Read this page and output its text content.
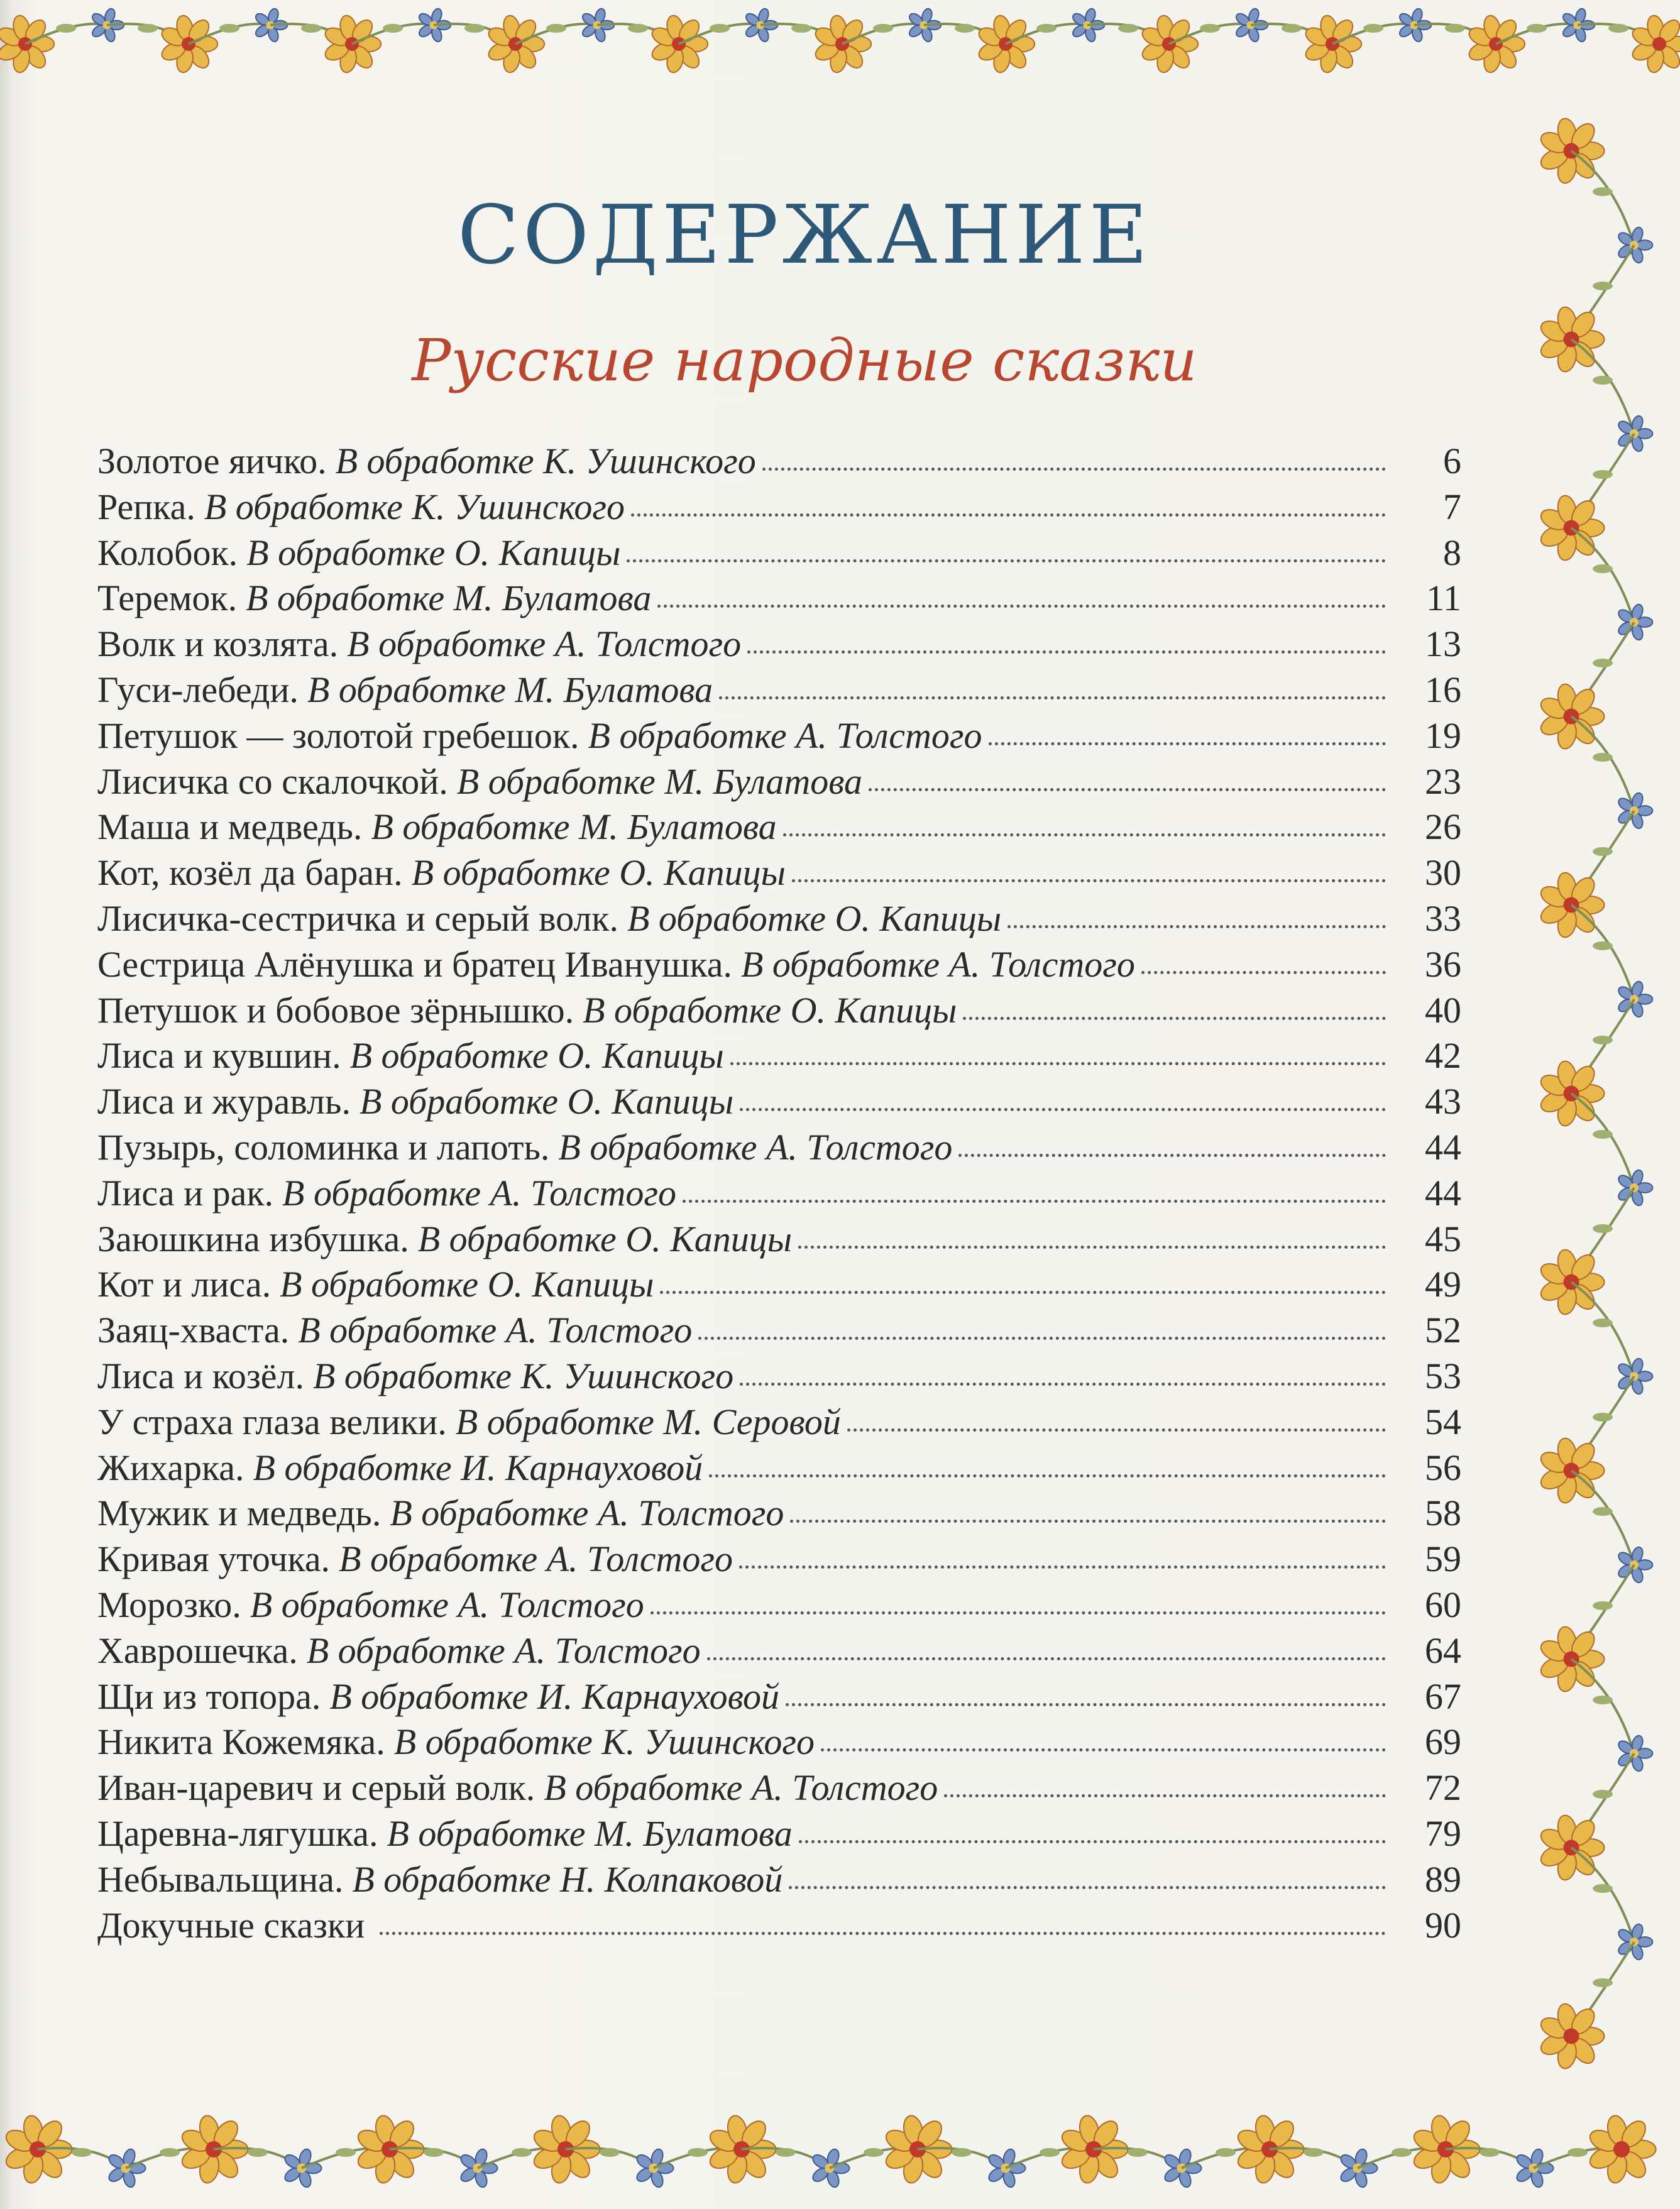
СОДЕРЖАНИЕ
Русские народные сказки
Золотое яичко. В обработке К. Ушинского	6
Репка. В обработке К. Ушинского	7
Колобок. В обработке О. Капицы	8
Теремок. В обработке М. Булатова	11
Волк и козлята. В обработке А. Толстого	13
Гуси-лебеди. В обработке М. Булатова	16
Петушок — золотой гребешок. В обработке А. Толстого	19
Лисичка со скалочкой. В обработке М. Булатова	23
Маша и медведь. В обработке М. Булатова	26
Кот, козёл да баран. В обработке О. Капицы	30
Лисичка-сестричка и серый волк. В обработке О. Капицы	33
Сестрица Алёнушка и братец Иванушка. В обработке А. Толстого	36
Петушок и бобовое зёрнышко. В обработке О. Капицы	40
Лиса и кувшин. В обработке О. Капицы	42
Лиса и журавль. В обработке О. Капицы	43
Пузырь, соломинка и лапоть. В обработке А. Толстого	44
Лиса и рак. В обработке А. Толстого	44
Заюшкина избушка. В обработке О. Капицы	45
Кот и лиса. В обработке О. Капицы	49
Заяц-хваста. В обработке А. Толстого	52
Лиса и козёл. В обработке К. Ушинского	53
У страха глаза велики. В обработке М. Серовой	54
Жихарка. В обработке И. Карнауховой	56
Мужик и медведь. В обработке А. Толстого	58
Кривая уточка. В обработке А. Толстого	59
Морозко. В обработке А. Толстого	60
Хаврошечка. В обработке А. Толстого	64
Щи из топора. В обработке И. Карнауховой	67
Никита Кожемяка. В обработке К. Ушинского	69
Иван-царевич и серый волк. В обработке А. Толстого	72
Царевна-лягушка. В обработке М. Булатова	79
Небывальщина. В обработке Н. Колпаковой	89
Докучные сказки	90
